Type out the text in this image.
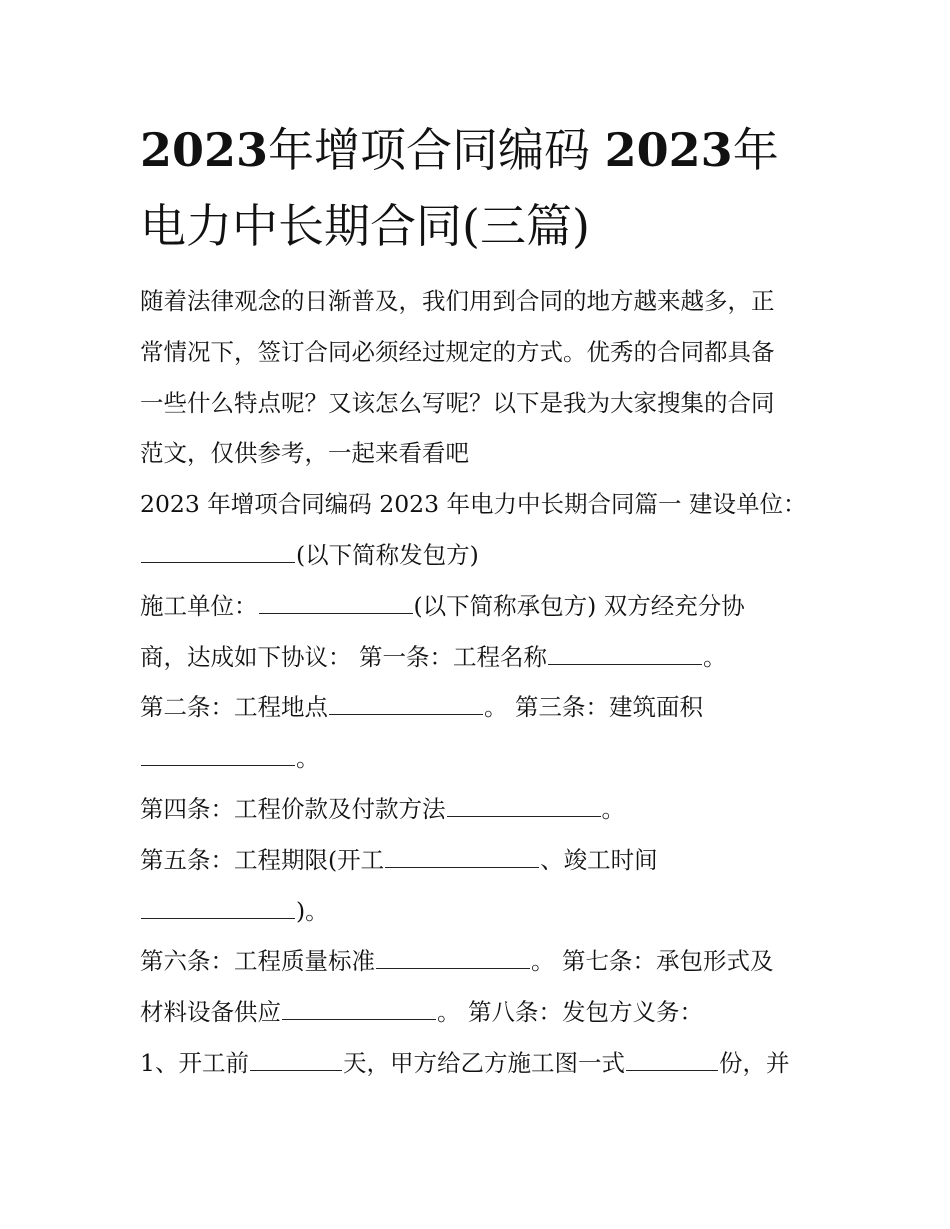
2023年增项合同编码 2023年
电力中长期合同(三篇)
随着法律观念的日渐普及，我们用到合同的地方越来越多，正
常情况下，签订合同必须经过规定的方式。优秀的合同都具备
一些什么特点呢？又该怎么写呢？以下是我为大家搜集的合同
范文，仅供参考，一起来看看吧
2023 年增项合同编码 2023 年电力中长期合同篇一 建设单位：
(以下简称发包方)
施工单位：	(以下简称承包方) 双方经充分协
商，达成如下协议： 第一条：工程名称	。
第二条：工程地点	。 第三条：建筑面积
。
第四条：工程价款及付款方法	。
第五条：工程期限(开工	、竣工时间
)。
第六条：工程质量标准	。 第七条：承包形式及
材料设备供应	。 第八条：发包方义务：
1、开工前	天，甲方给乙方施工图一式	份，并
